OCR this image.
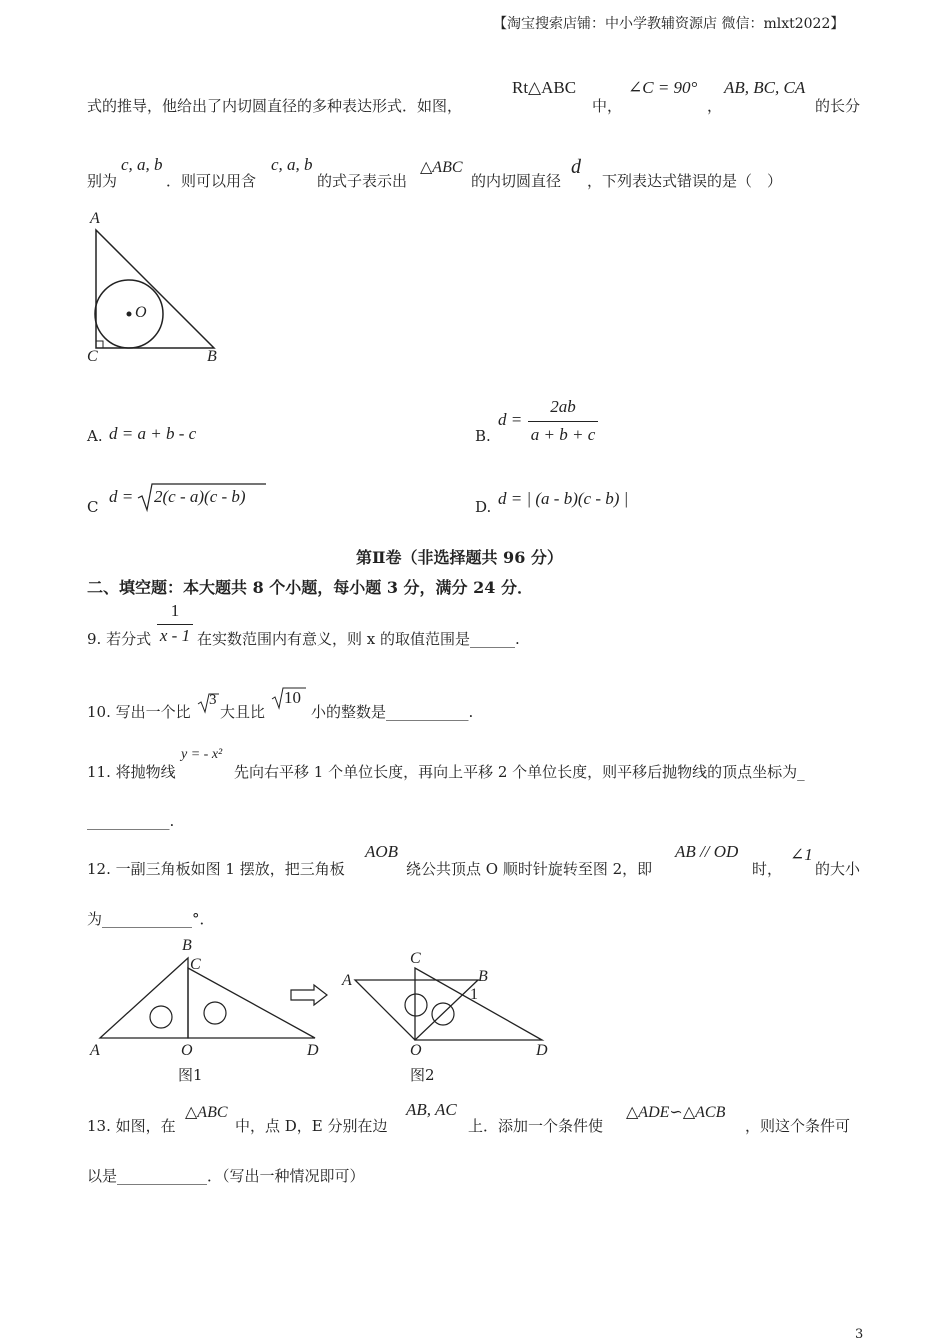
【淘宝搜索店铺：中小学教辅资源店 微信：mlxt2022】
式的推导，他给出了内切圆直径的多种表达形式．如图，
Rt△ABC
中，
∠C = 90°
，
AB, BC, CA
的长分
别为
c, a, b
．则可以用含
c, a, b
的式子表示出
△ABC
的内切圆直径
d
，下列表达式错误的是（　）
A
C	B
O
A. d = a + b - c	B.
d =
2ab
a + b + c
C
d = 2(c - a)(c - b)
D. d = | (a - b)(c - b) |
第Ⅱ卷（非选择题共 96 分）
二、填空题：本大题共 8 个小题，每小题 3 分，满分 24 分．
9. 若分式
1
x - 1 在实数范围内有意义，则 x 的取值范围是______.
10. 写出一个比
3
大且比
10
小的整数是___________.
11. 将抛物线
y = - x²
先向右平移 1 个单位长度，再向上平移 2 个单位长度，则平移后抛物线的顶点坐标为_
___________.
12. 一副三角板如图 1 摆放，把三角板
AOB
绕公共顶点 O 顺时针旋转至图 2，即
AB // OD
时，
∠1
的大小
为____________°．
B
C
A	O	D
图1
C
A	B
1
O	D
图2
13. 如图，在
△ABC
中，点 D，E 分别在边
AB, AC
上．添加一个条件使
△ADE∽△ACB
，则这个条件可
以是____________．（写出一种情况即可）
3
